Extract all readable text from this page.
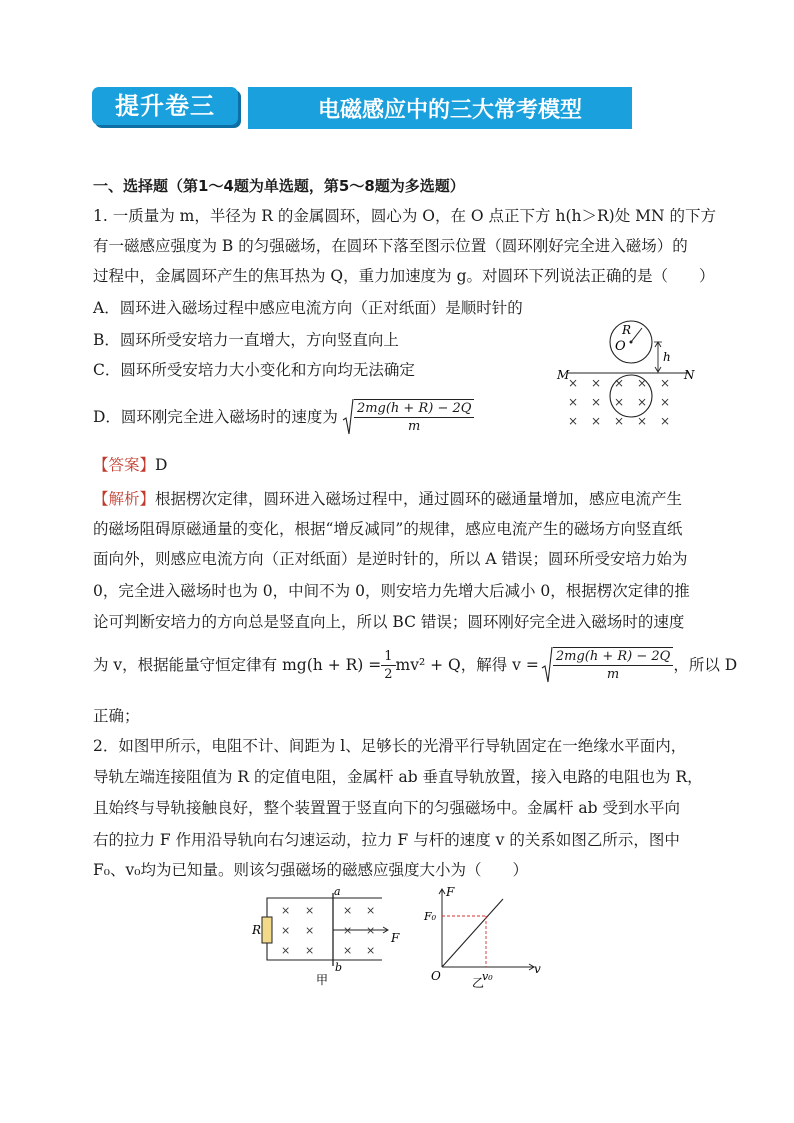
提升卷三	电磁感应中的三大常考模型
一、选择题（第1～4题为单选题，第5～8题为多选题）
1. 一质量为 m，半径为 R 的金属圆环，圆心为 O，在 O 点正下方 h(h＞R)处 MN 的下方
有一磁感应强度为 B 的匀强磁场，在圆环下落至图示位置（圆环刚好完全进入磁场）的
过程中，金属圆环产生的焦耳热为 Q，重力加速度为 g。对圆环下列说法正确的是（　　）
A．圆环进入磁场过程中感应电流方向（正对纸面）是顺时针的
B．圆环所受安培力一直增大，方向竖直向上
C．圆环所受安培力大小变化和方向均无法确定
D．圆环刚完全进入磁场时的速度为 $\frac{2mg(h + R) - 2Q}{m}$
R
O
h
M	N
× × × × ×
× × × × ×
× × × × ×
【答案】D
【解析】根据楞次定律，圆环进入磁场过程中，通过圆环的磁通量增加，感应电流产生
的磁场阻碍原磁通量的变化，根据“增反减同”的规律，感应电流产生的磁场方向竖直纸
面向外，则感应电流方向（正对纸面）是逆时针的，所以 A 错误；圆环所受安培力始为
0，完全进入磁场时也为 0，中间不为 0，则安培力先增大后减小 0，根据楞次定律的推
论可判断安培力的方向总是竖直向上，所以 BC 错误；圆环刚好完全进入磁场时的速度
为 v，根据能量守恒定律有 $mg(h + R) = \frac{1}{2} mv^2 + Q$，解得 $v = \frac{2mg(h + R) - 2Q}{m}$ ，所以 D
正确；
2．如图甲所示，电阻不计、间距为 l、足够长的光滑平行导轨固定在一绝缘水平面内，
导轨左端连接阻值为 R 的定值电阻，金属杆 ab 垂直导轨放置，接入电路的电阻也为 R，
且始终与导轨接触良好，整个装置置于竖直向下的匀强磁场中。金属杆 ab 受到水平向
右的拉力 F 作用沿导轨向右匀速运动，拉力 F 与杆的速度 v 的关系如图乙所示，图中
F₀、v₀均为已知量。则该匀强磁场的磁感应强度大小为（　　）
R
a
b
× ×	× ×
× ×	× ×
× ×	× ×
F
甲
F
F₀
O	v₀
v
乙
